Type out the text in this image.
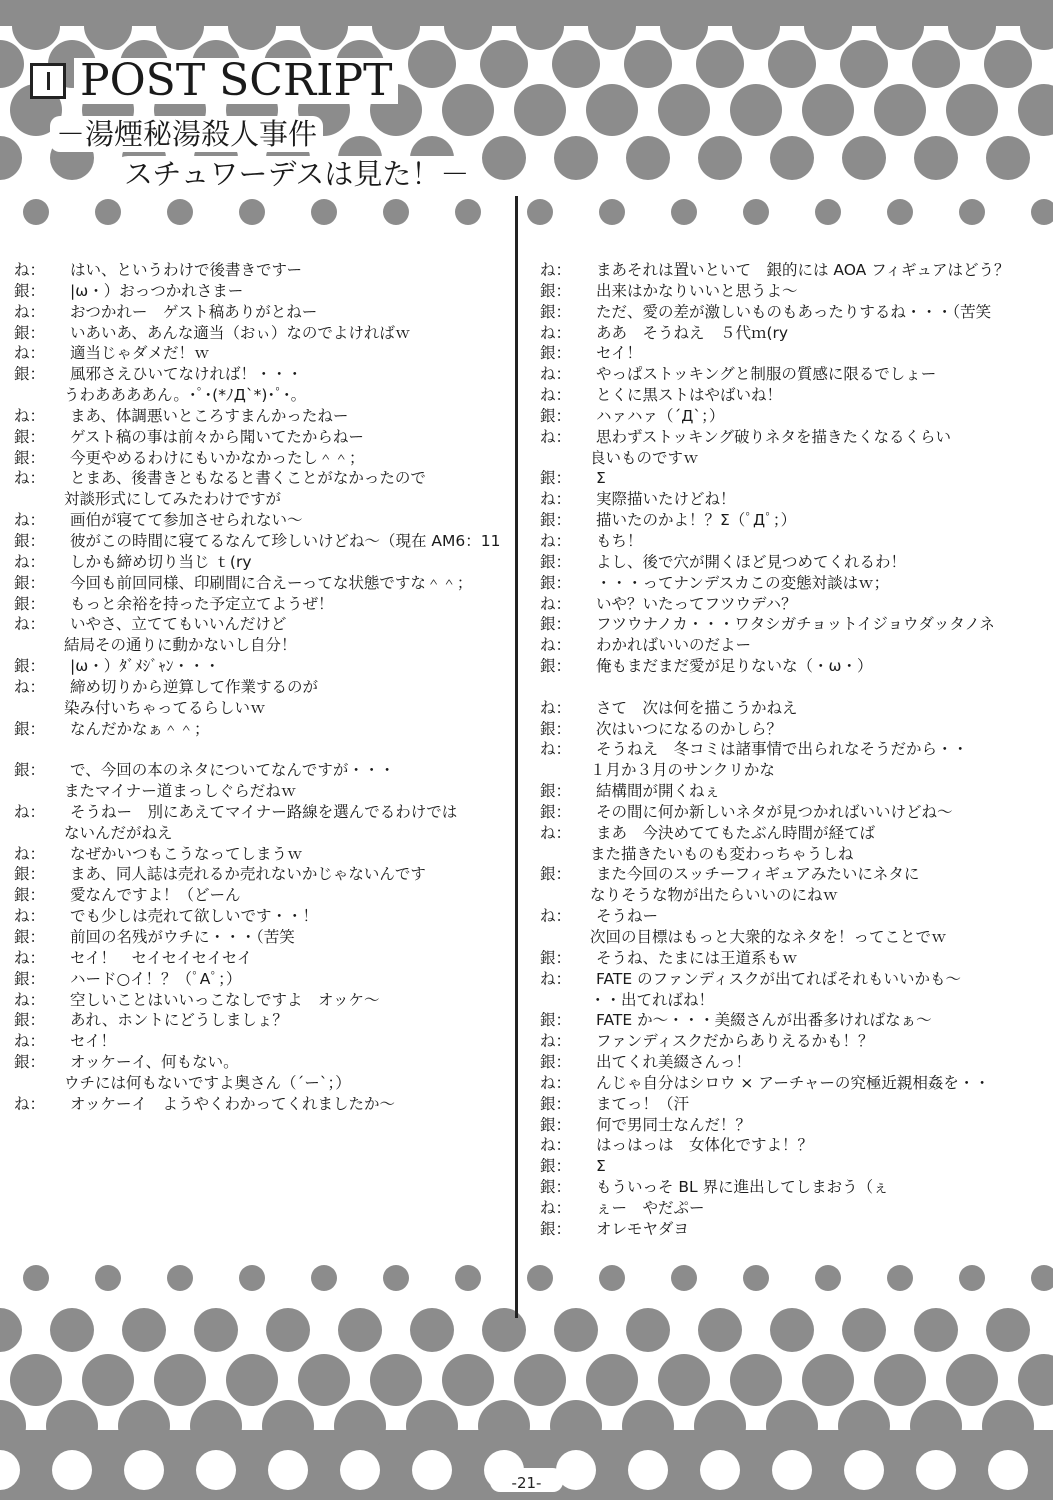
POST SCRIPT
－湯煙秘湯殺人事件
スチュワーデスは見た！－
ね：	はい、というわけで後書きですー
銀：	|ω・）おっつかれさまー
ね：	おつかれー　ゲスト稿ありがとねー
銀：	いあいあ、あんな適当（おぃ）なのでよければｗ
ね：	適当じゃダメだ！ｗ
銀：	風邪さえひいてなければ！・・・
うわああああん。･ﾟ･(*ﾉД`*)･ﾟ･。
ね：	まあ、体調悪いところすまんかったねー
銀：	ゲスト稿の事は前々から聞いてたからねー
銀：	今更やめるわけにもいかなかったし＾＾；
ね：	とまあ、後書きともなると書くことがなかったので
対談形式にしてみたわけですが
ね：	画伯が寝てて参加させられない～
銀：	彼がこの時間に寝てるなんて珍しいけどね～（現在 AM6：11
ね：	しかも締め切り当じ ｔ(ry
銀：	今回も前回同様、印刷間に合えーってな状態ですな＾＾；
銀：	もっと余裕を持った予定立てようぜ！
ね：	いやさ、立ててもいいんだけど
結局その通りに動かないし自分！
銀：	|ω・）ﾀﾞﾒｼﾞｬﾝ・・・
ね：	締め切りから逆算して作業するのが
染み付いちゃってるらしいｗ
銀：	なんだかなぁ＾＾；
銀：	で、今回の本のネタについてなんですが・・・
またマイナー道まっしぐらだねｗ
ね：	そうねー　別にあえてマイナー路線を選んでるわけでは
ないんだがねえ
ね：	なぜかいつもこうなってしまうｗ
銀：	まあ、同人誌は売れるか売れないかじゃないんです
銀：	愛なんですよ！（どーん
ね：	でも少しは売れて欲しいです・・！
銀：	前回の名残がウチに・・・（苦笑
ね：	セイ！　セイセイセイセイ
銀：	ハード○イ！？（ﾟAﾟ；）
ね：	空しいことはいいっこなしですよ　オッケ～
銀：	あれ、ホントにどうしましょ？
ね：	セイ！
銀：	オッケーイ、何もない。
ウチには何もないですよ奥さん（´ー`；）
ね：	オッケーイ　ようやくわかってくれましたか～
ね：	まあそれは置いといて　銀的には AOA フィギュアはどう？
銀：	出来はかなりいいと思うよ～
銀：	ただ、愛の差が激しいものもあったりするね・・・（苦笑
ね：	ああ　そうねえ　５代ｍ(ry
銀：	セイ！
ね：	やっぱストッキングと制服の質感に限るでしょー
ね：	とくに黒ストはやばいね！
銀：	ハァハァ（´Д`；）
ね：	思わずストッキング破りネタを描きたくなるくらい
良いものですｗ
銀：	Σ
ね：	実際描いたけどね！
銀：	描いたのかよ！？Σ（ﾟДﾟ；）
ね：	もち！
銀：	よし、後で穴が開くほど見つめてくれるわ！
銀：	・・・ってナンデスカこの変態対談はｗ；
ね：	いや？いたってフツウデハ？
銀：	フツウナノカ・・・ワタシガチョットイジョウダッタノネ
ね：	わかればいいのだよー
銀：	俺もまだまだ愛が足りないな（・ω・）
ね：	さて　次は何を描こうかねえ
銀：	次はいつになるのかしら？
ね：	そうねえ　冬コミは諸事情で出られなそうだから・・
１月か３月のサンクリかな
銀：	結構間が開くねぇ
銀：	その間に何か新しいネタが見つかればいいけどね～
ね：	まあ　今決めててもたぶん時間が経てば
また描きたいものも変わっちゃうしね
銀：	また今回のスッチーフィギュアみたいにネタに
なりそうな物が出たらいいのにねｗ
ね：	そうねー
次回の目標はもっと大衆的なネタを！ってことでｗ
銀：	そうね、たまには王道系もｗ
ね：	FATE のファンディスクが出てればそれもいいかも～
・・出てればね！
銀：	FATE か～・・・美綴さんが出番多ければなぁ～
ね：	ファンディスクだからありえるかも！？
銀：	出てくれ美綴さんっ！
ね：	んじゃ自分はシロウ × アーチャーの究極近親相姦を・・
銀：	まてっ！（汗
銀：	何で男同士なんだ！？
ね：	はっはっは　女体化ですよ！？
銀：	Σ
銀：	もういっそ BL 界に進出してしまおう（ぇ
ね：	ぇー　やだぷー
銀：	オレモヤダヨ
-21-
